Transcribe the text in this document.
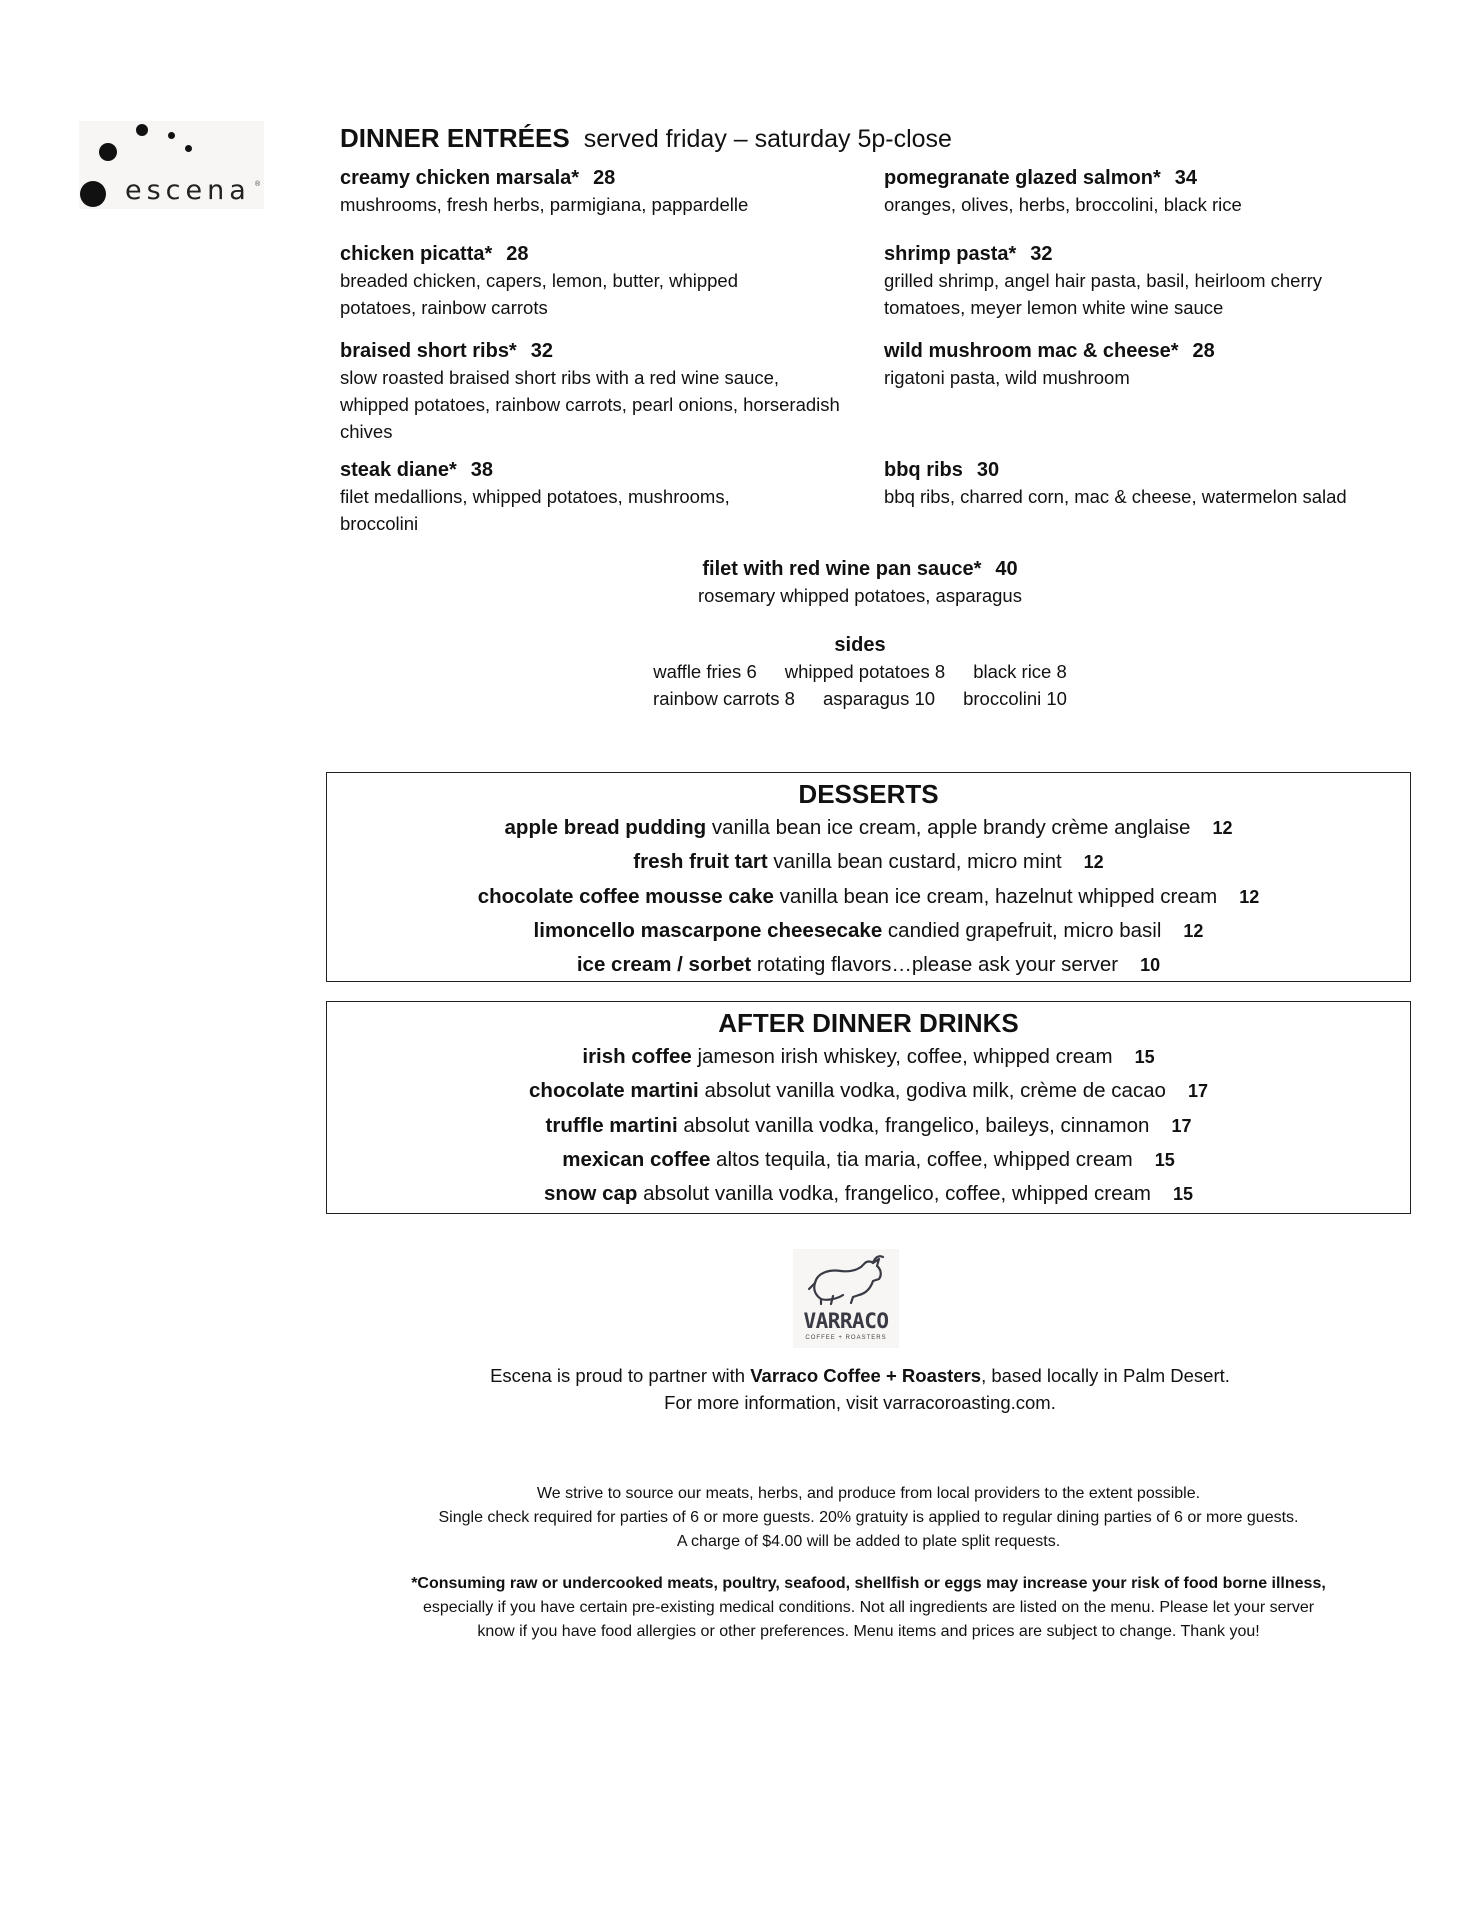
escena ®
DINNER ENTRÉES served friday – saturday 5p-close
creamy chicken marsala* 28
mushrooms, fresh herbs, parmigiana, pappardelle
pomegranate glazed salmon* 34
oranges, olives, herbs, broccolini, black rice
chicken picatta* 28
breaded chicken, capers, lemon, butter, whipped potatoes, rainbow carrots
shrimp pasta* 32
grilled shrimp, angel hair pasta, basil, heirloom cherry tomatoes, meyer lemon white wine sauce
braised short ribs* 32
slow roasted braised short ribs with a red wine sauce, whipped potatoes, rainbow carrots, pearl onions, horseradish chives
wild mushroom mac & cheese* 28
rigatoni pasta, wild mushroom
steak diane* 38
filet medallions, whipped potatoes, mushrooms, broccolini
bbq ribs 30
bbq ribs, charred corn, mac & cheese, watermelon salad
filet with red wine pan sauce* 40
rosemary whipped potatoes, asparagus
sides
waffle fries 6 whipped potatoes 8 black rice 8
rainbow carrots 8 asparagus 10 broccolini 10
DESSERTS
apple bread pudding vanilla bean ice cream, apple brandy crème anglaise 12
fresh fruit tart vanilla bean custard, micro mint 12
chocolate coffee mousse cake vanilla bean ice cream, hazelnut whipped cream 12
limoncello mascarpone cheesecake candied grapefruit, micro basil 12
ice cream / sorbet rotating flavors…please ask your server 10
AFTER DINNER DRINKS
irish coffee jameson irish whiskey, coffee, whipped cream 15
chocolate martini absolut vanilla vodka, godiva milk, crème de cacao 17
truffle martini absolut vanilla vodka, frangelico, baileys, cinnamon 17
mexican coffee altos tequila, tia maria, coffee, whipped cream 15
snow cap absolut vanilla vodka, frangelico, coffee, whipped cream 15
VARRACO
COFFEE + ROASTERS
Escena is proud to partner with Varraco Coffee + Roasters, based locally in Palm Desert.
For more information, visit varracoroasting.com.
We strive to source our meats, herbs, and produce from local providers to the extent possible.
Single check required for parties of 6 or more guests. 20% gratuity is applied to regular dining parties of 6 or more guests.
A charge of $4.00 will be added to plate split requests.
*Consuming raw or undercooked meats, poultry, seafood, shellfish or eggs may increase your risk of food borne illness,
especially if you have certain pre-existing medical conditions. Not all ingredients are listed on the menu. Please let your server
know if you have food allergies or other preferences. Menu items and prices are subject to change. Thank you!
